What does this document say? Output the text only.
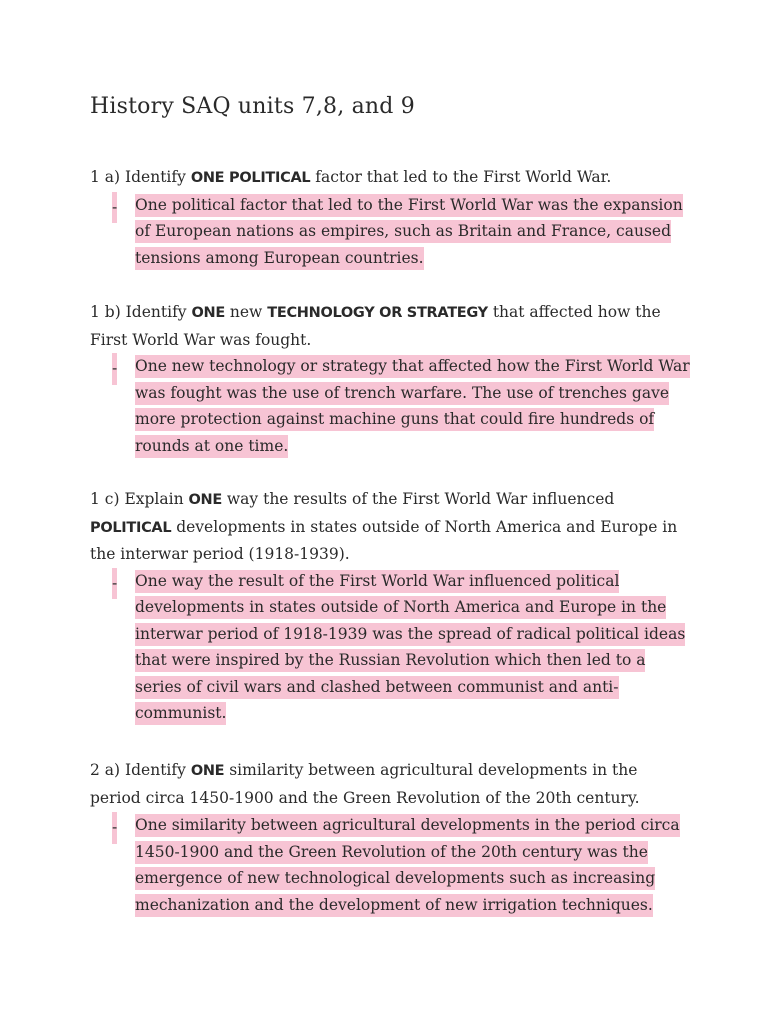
History SAQ units 7,8, and 9
1 a) Identify ONE POLITICAL factor that led to the First World War.
- One political factor that led to the First World War was the expansion of European nations as empires, such as Britain and France, caused tensions among European countries.
1 b) Identify ONE new TECHNOLOGY OR STRATEGY that affected how the First World War was fought.
- One new technology or strategy that affected how the First World War was fought was the use of trench warfare. The use of trenches gave more protection against machine guns that could fire hundreds of rounds at one time.
1 c) Explain ONE way the results of the First World War influenced POLITICAL developments in states outside of North America and Europe in the interwar period (1918-1939).
- One way the result of the First World War influenced political developments in states outside of North America and Europe in the interwar period of 1918-1939 was the spread of radical political ideas that were inspired by the Russian Revolution which then led to a series of civil wars and clashed between communist and anti-communist.
2 a) Identify ONE similarity between agricultural developments in the period circa 1450-1900 and the Green Revolution of the 20th century.
- One similarity between agricultural developments in the period circa 1450-1900 and the Green Revolution of the 20th century was the emergence of new technological developments such as increasing mechanization and the development of new irrigation techniques.
